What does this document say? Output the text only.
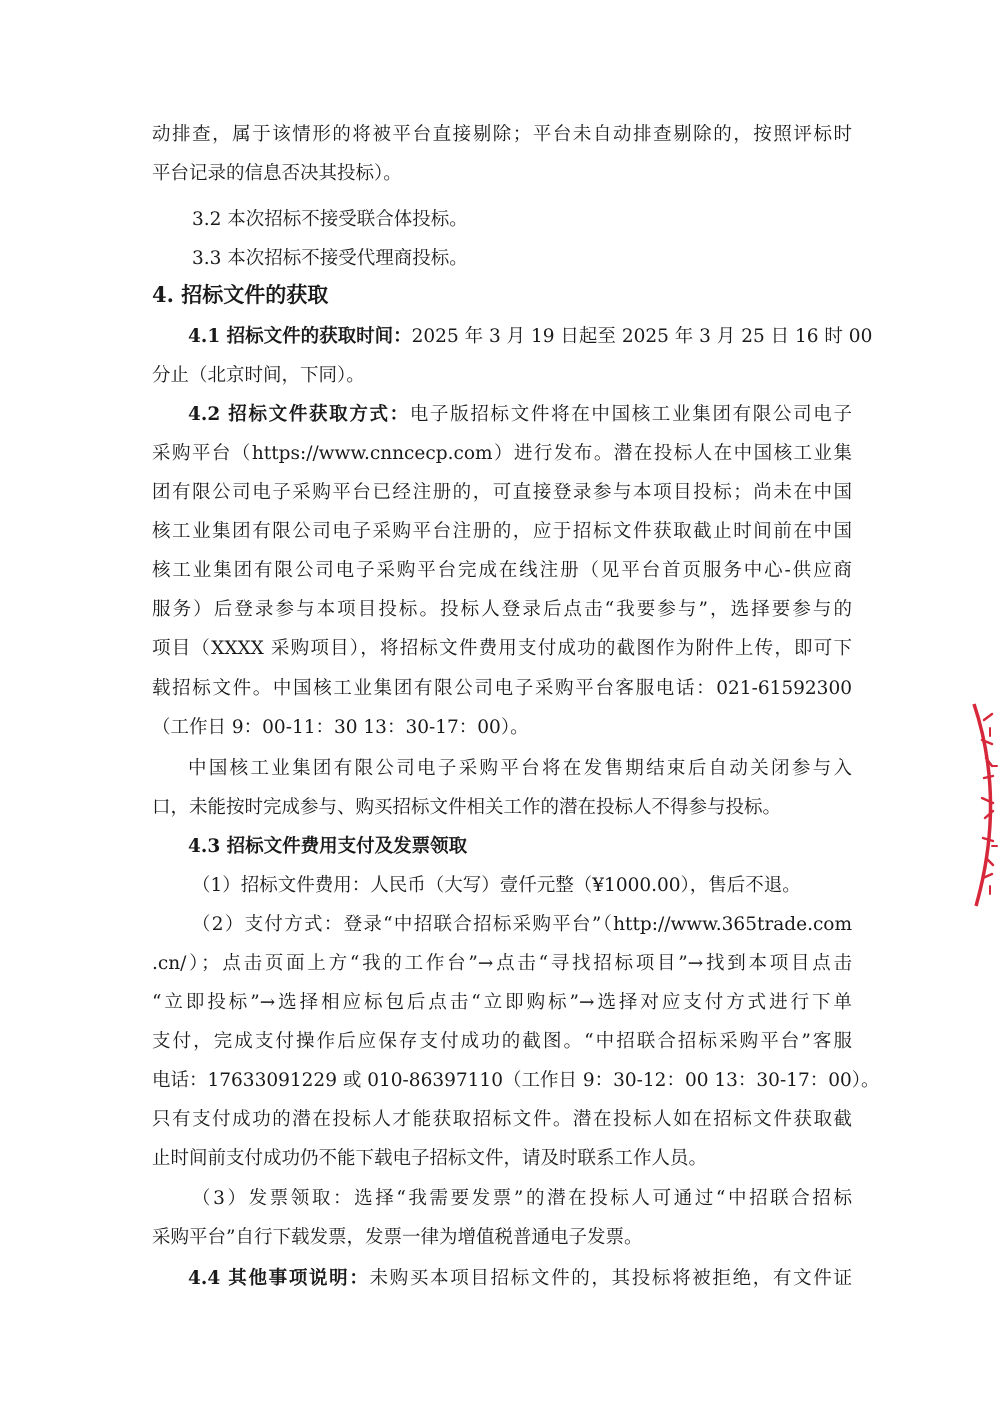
动排查，属于该情形的将被平台直接剔除；平台未自动排查剔除的，按照评标时
平台记录的信息否决其投标）。
3.2 本次招标不接受联合体投标。
3.3 本次招标不接受代理商投标。
4. 招标文件的获取
4.1 招标文件的获取时间：2025 年 3 月 19 日起至 2025 年 3 月 25 日 16 时 00
分止（北京时间，下同）。
4.2 招标文件获取方式：电子版招标文件将在中国核工业集团有限公司电子
采购平台（https://www.cnncecp.com）进行发布。潜在投标人在中国核工业集
团有限公司电子采购平台已经注册的，可直接登录参与本项目投标；尚未在中国
核工业集团有限公司电子采购平台注册的，应于招标文件获取截止时间前在中国
核工业集团有限公司电子采购平台完成在线注册（见平台首页服务中心-供应商
服务）后登录参与本项目投标。投标人登录后点击“我要参与”，选择要参与的
项目（XXXX 采购项目），将招标文件费用支付成功的截图作为附件上传，即可下
载招标文件。中国核工业集团有限公司电子采购平台客服电话：021-61592300
（工作日 9：00-11：30 13：30-17：00）。
中国核工业集团有限公司电子采购平台将在发售期结束后自动关闭参与入
口，未能按时完成参与、购买招标文件相关工作的潜在投标人不得参与投标。
4.3 招标文件费用支付及发票领取
（1）招标文件费用：人民币（大写）壹仟元整（¥1000.00），售后不退。
（2）支付方式：登录“中招联合招标采购平台”（http://www.365trade.com
.cn/）；点击页面上方“我的工作台”→点击“寻找招标项目”→找到本项目点击
“立即投标”→选择相应标包后点击“立即购标”→选择对应支付方式进行下单
支付，完成支付操作后应保存支付成功的截图。“中招联合招标采购平台”客服
电话：17633091229 或 010-86397110（工作日 9：30-12：00 13：30-17：00）。
只有支付成功的潜在投标人才能获取招标文件。潜在投标人如在招标文件获取截
止时间前支付成功仍不能下载电子招标文件，请及时联系工作人员。
（3）发票领取：选择“我需要发票”的潜在投标人可通过“中招联合招标
采购平台”自行下载发票，发票一律为增值税普通电子发票。
4.4 其他事项说明：未购买本项目招标文件的，其投标将被拒绝，有文件证
